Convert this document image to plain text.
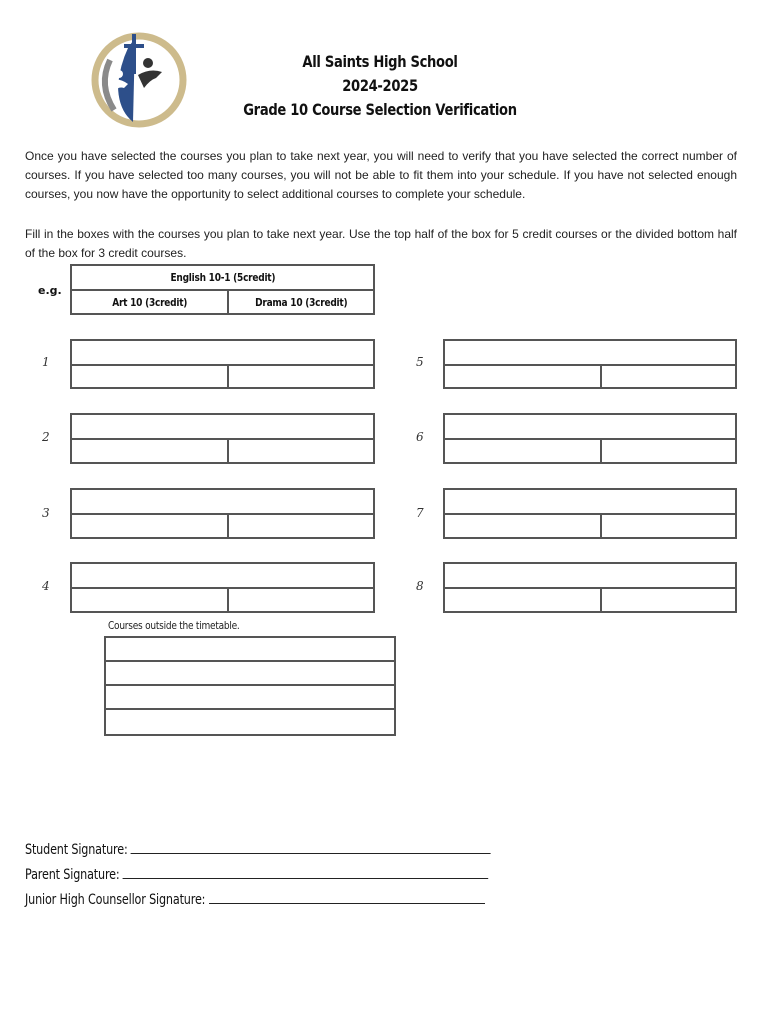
All Saints High School
2024-2025
Grade 10 Course Selection Verification
Once you have selected the courses you plan to take next year, you will need to verify that you have selected the correct number of courses. If you have selected too many courses, you will not be able to fit them into your schedule. If you have not selected enough courses, you now have the opportunity to select additional courses to complete your schedule.
Fill in the boxes with the courses you plan to take next year. Use the top half of the box for 5 credit courses or the divided bottom half of the box for 3 credit courses.
e.g.
English 10-1 (5credit)
Art 10 (3credit)	Drama 10 (3credit)
1
2
3
4
5
6
7
8
Courses outside the timetable.
Student Signature:
Parent Signature:
Junior High Counsellor Signature:
